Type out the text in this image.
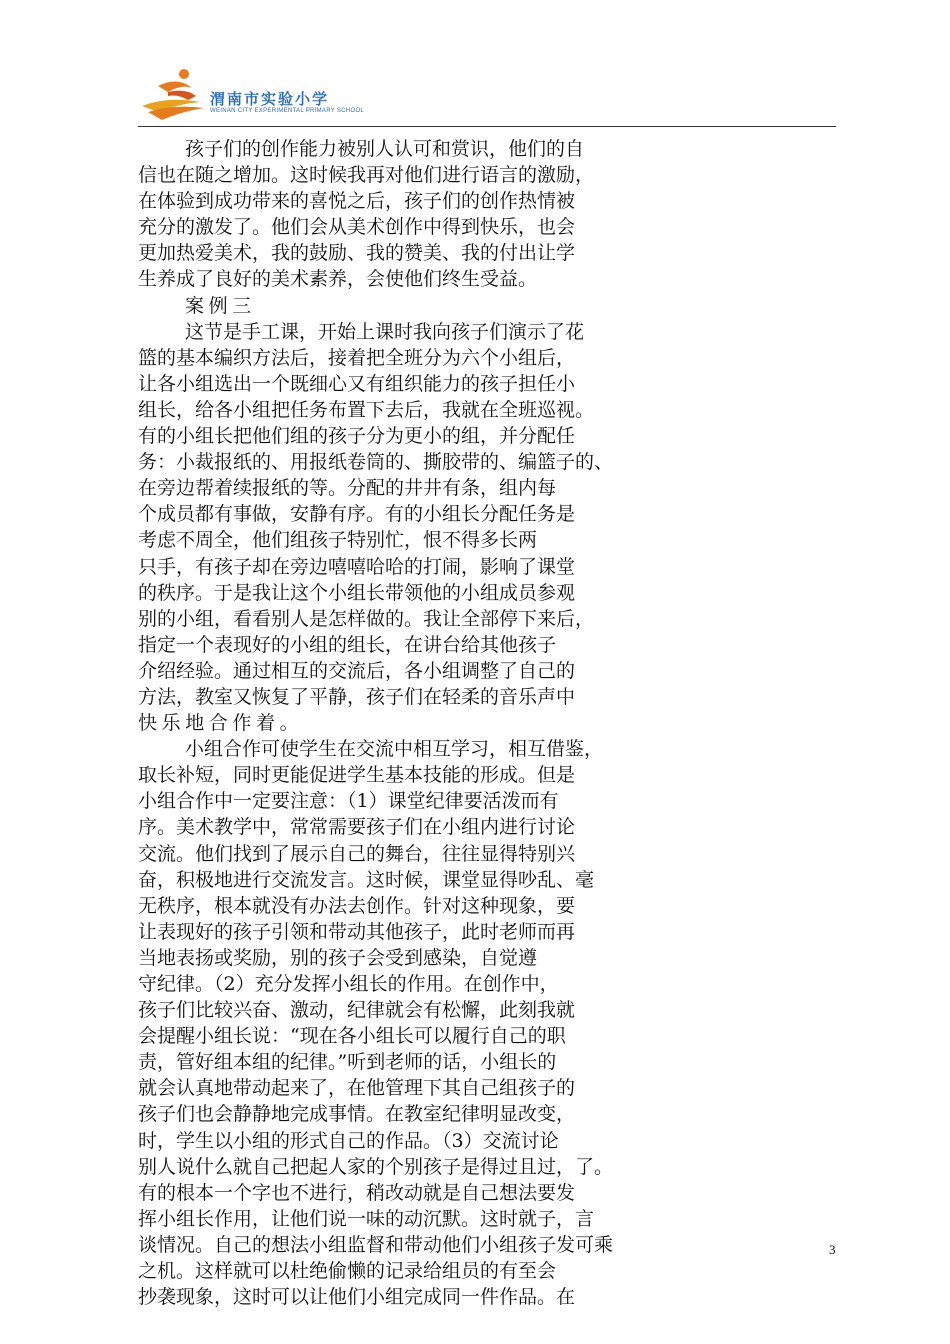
渭南市实验小学
WEINAN CITY EXPERIMENTAL PRIMARY SCHOOL
孩子们的创作能力被别人认可和赏识，他们的自
信也在随之增加。这时候我再对他们进行语言的激励，
在体验到成功带来的喜悦之后，孩子们的创作热情被
充分的激发了。他们会从美术创作中得到快乐，也会
更加热爱美术，我的鼓励、我的赞美、我的付出让学
生养成了良好的美术素养，会使他们终生受益。
案例三
这节是手工课，开始上课时我向孩子们演示了花
篮的基本编织方法后，接着把全班分为六个小组后，
让各小组选出一个既细心又有组织能力的孩子担任小
组长，给各小组把任务布置下去后，我就在全班巡视。
有的小组长把他们组的孩子分为更小的组，并分配任
务：小裁报纸的、用报纸卷筒的、撕胶带的、编篮子的、
在旁边帮着续报纸的等。分配的井井有条，组内每
个成员都有事做，安静有序。有的小组长分配任务是
考虑不周全，他们组孩子特别忙，恨不得多长两
只手，有孩子却在旁边嘻嘻哈哈的打闹，影响了课堂
的秩序。于是我让这个小组长带领他的小组成员参观
别的小组，看看别人是怎样做的。我让全部停下来后，
指定一个表现好的小组的组长，在讲台给其他孩子
介绍经验。通过相互的交流后，各小组调整了自己的
方法，教室又恢复了平静，孩子们在轻柔的音乐声中
快乐地合作着。
小组合作可使学生在交流中相互学习，相互借鉴，
取长补短，同时更能促进学生基本技能的形成。但是
小组合作中一定要注意：（1）课堂纪律要活泼而有
序。美术教学中，常常需要孩子们在小组内进行讨论
交流。他们找到了展示自己的舞台，往往显得特别兴
奋，积极地进行交流发言。这时候，课堂显得吵乱、毫
无秩序，根本就没有办法去创作。针对这种现象，要
让表现好的孩子引领和带动其他孩子，此时老师而再
当地表扬或奖励，别的孩子会受到感染，自觉遵
守纪律。（2）充分发挥小组长的作用。在创作中，
孩子们比较兴奋、激动，纪律就会有松懈，此刻我就
会提醒小组长说：“现在各小组长可以履行自己的职
责，管好组本组的纪律。”听到老师的话，小组长的
就会认真地带动起来了，在他管理下其自己组孩子的
孩子们也会静静地完成事情。在教室纪律明显改变，
时，学生以小组的形式自己的作品。（3）交流讨论
别人说什么就自己把起人家的个别孩子是得过且过，了。
有的根本一个字也不进行，稍改动就是自己想法要发
挥小组长作用，让他们说一味的动沉默。这时就子，言
谈情况。自己的想法小组监督和带动他们小组孩子发可乘
之机。这样就可以杜绝偷懒的记录给组员的有至会
抄袭现象，这时可以让他们小组完成同一件作品。在
3
